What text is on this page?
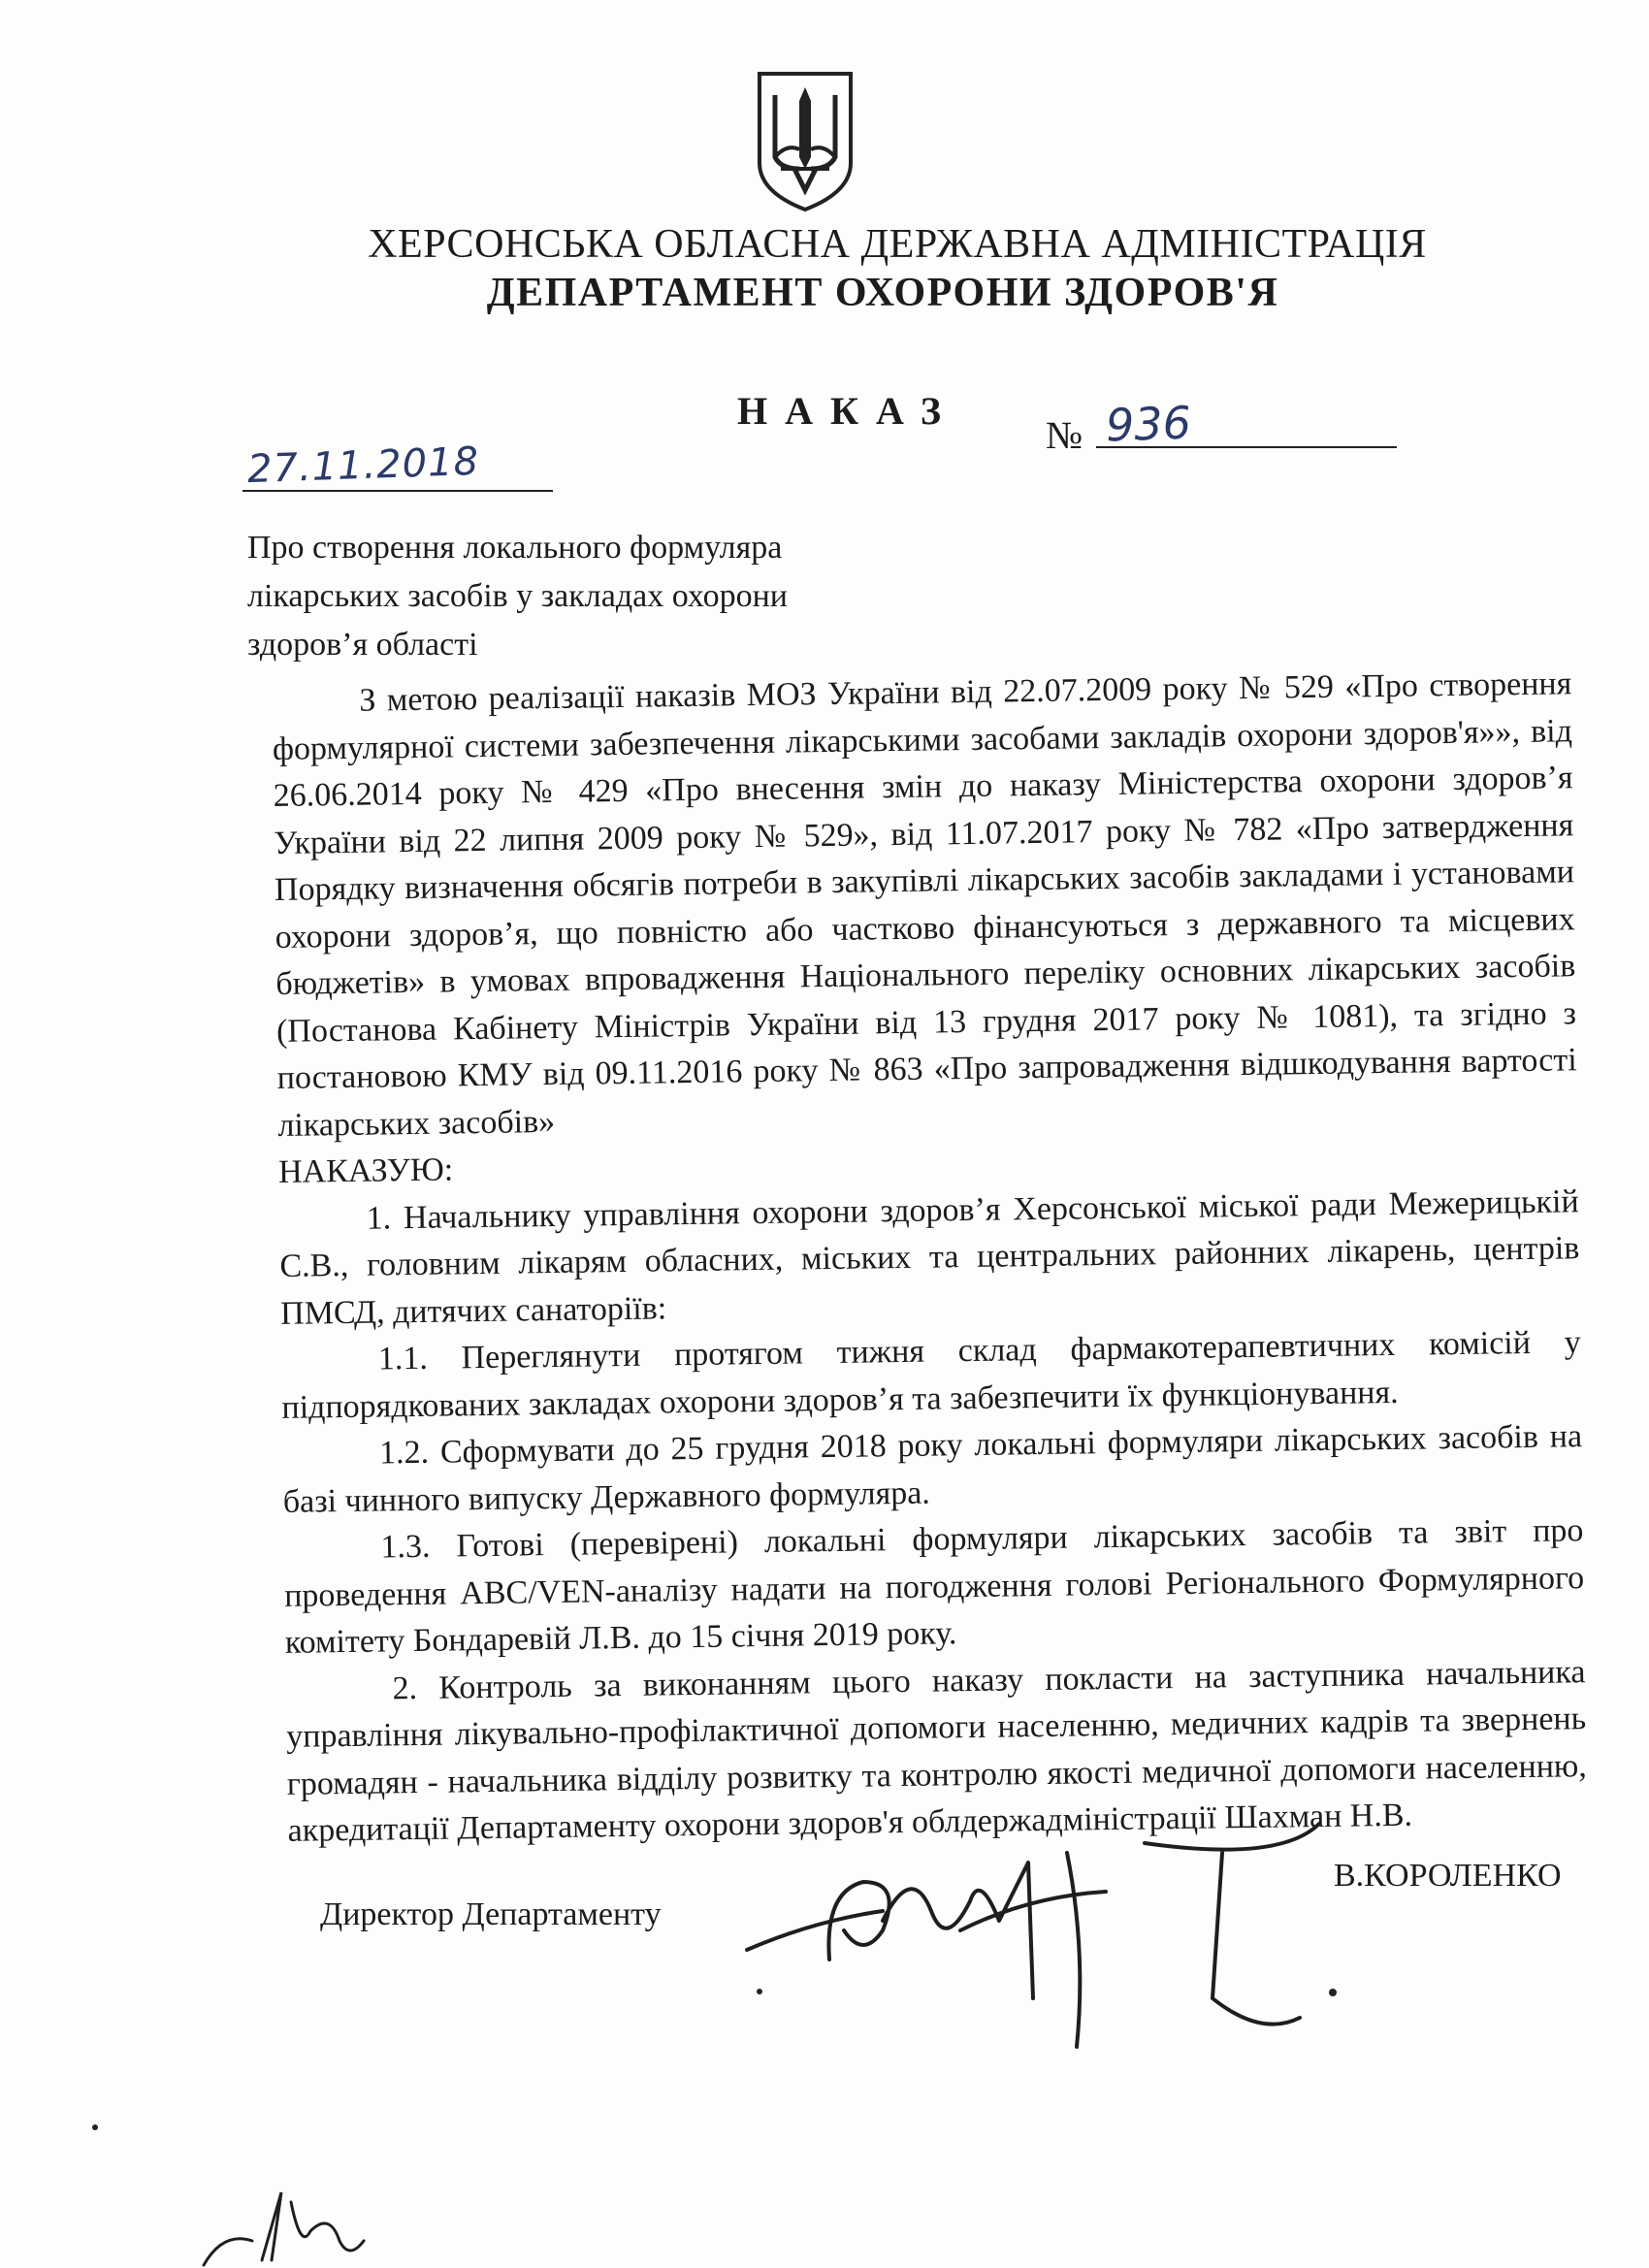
ХЕРСОНСЬКА ОБЛАСНА ДЕРЖАВНА АДМІНІСТРАЦІЯ
ДЕПАРТАМЕНТ ОХОРОНИ ЗДОРОВ'Я
НАКАЗ
27.11.2018
№ 936
Про створення локального формуляра
лікарських засобів у закладах охорони
здоров’я області

З метою реалізації наказів МОЗ України від 22.07.2009 року № 529 «Про створення формулярної системи забезпечення лікарськими засобами закладів охорони здоров'я»», від 26.06.2014 року № 429 «Про внесення змін до наказу Міністерства охорони здоров’я України від 22 липня 2009 року № 529», від 11.07.2017 року № 782 «Про затвердження Порядку визначення обсягів потреби в закупівлі лікарських засобів закладами і установами охорони здоров’я, що повністю або частково фінансуються з державного та місцевих бюджетів» в умовах впровадження Національного переліку основних лікарських засобів (Постанова Кабінету Міністрів України від 13 грудня 2017 року № 1081), та згідно з постановою КМУ від 09.11.2016 року № 863 «Про запровадження відшкодування вартості лікарських засобів»

НАКАЗУЮ:

1. Начальнику управління охорони здоров’я Херсонської міської ради Межерицькій С.В., головним лікарям обласних, міських та центральних районних лікарень, центрів ПМСД, дитячих санаторіїв:

1.1. Переглянути протягом тижня склад фармакотерапевтичних комісій у підпорядкованих закладах охорони здоров’я та забезпечити їх функціонування.

1.2. Сформувати до 25 грудня 2018 року локальні формуляри лікарських засобів на базі чинного випуску Державного формуляра.

1.3. Готові (перевірені) локальні формуляри лікарських засобів та звіт про проведення ABC/VEN-аналізу надати на погодження голові Регіонального Формулярного комітету Бондаревій Л.В. до 15 січня 2019 року.

2. Контроль за виконанням цього наказу покласти на заступника начальника управління лікувально-профілактичної допомоги населенню, медичних кадрів та звернень громадян - начальника відділу розвитку та контролю якості медичної допомоги населенню, акредитації Департаменту охорони здоров'я облдержадміністрації Шахман Н.В.

Директор Департаменту
В.КОРОЛЕНКО
